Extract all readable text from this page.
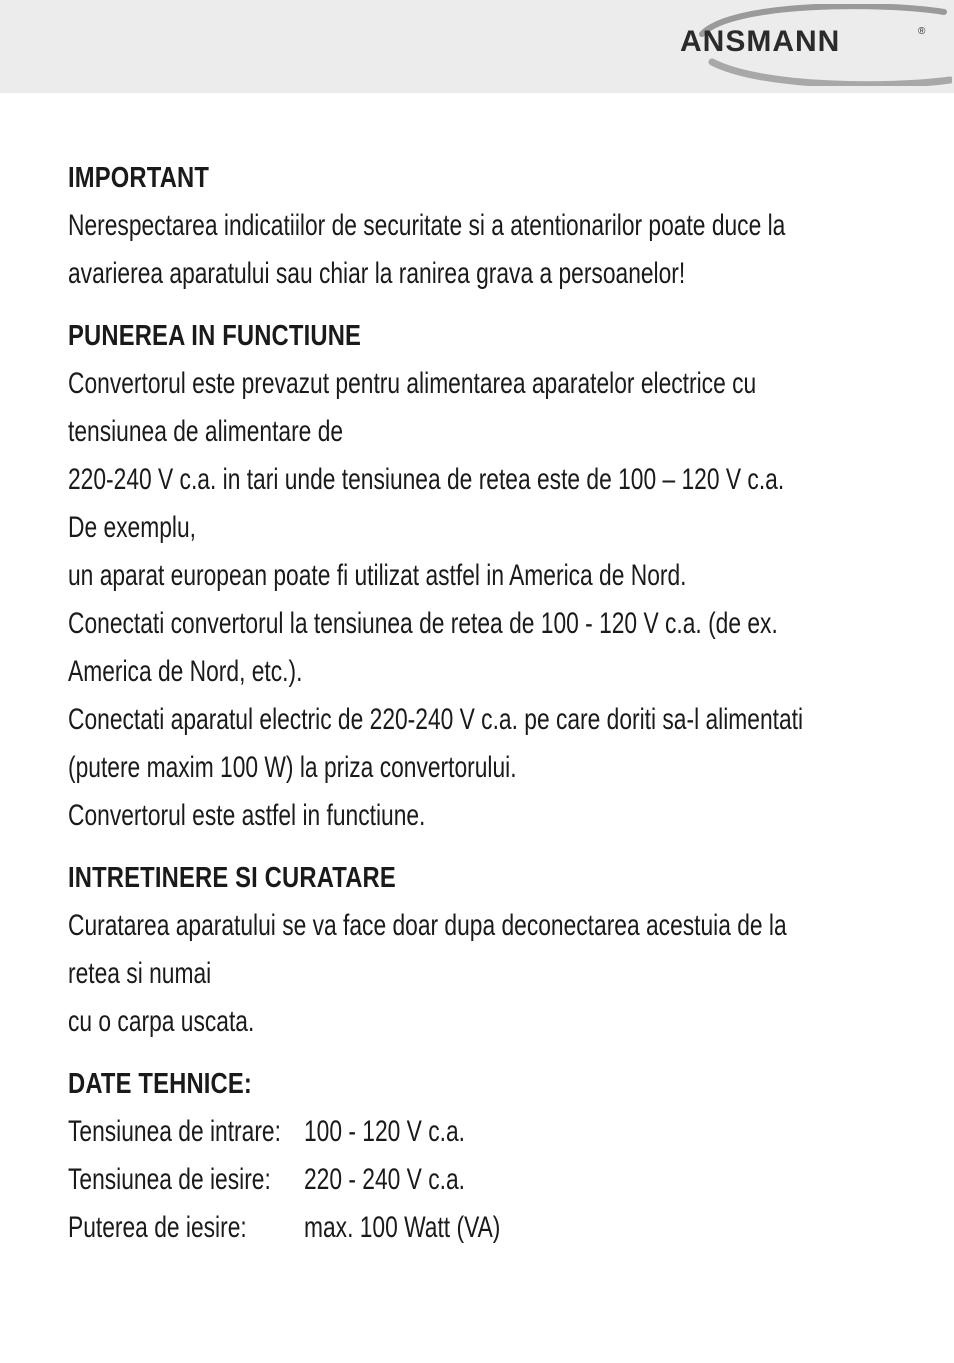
ANSMANN	®
IMPORTANT

Nerespectarea indicatiilor de securitate si a atentionarilor poate duce la

avarierea aparatului sau chiar la ranirea grava a persoanelor!

PUNEREA IN FUNCTIUNE

Convertorul este prevazut pentru alimentarea aparatelor electrice cu

tensiunea de alimentare de

220-240 V c.a. in tari unde tensiunea de retea este de 100 – 120 V c.a.

De exemplu,

un aparat european poate fi utilizat astfel in America de Nord.

Conectati convertorul la tensiunea de retea de 100 - 120 V c.a. (de ex.

America de Nord, etc.).

Conectati aparatul electric de 220-240 V c.a. pe care doriti sa-l alimentati

(putere maxim 100 W) la priza convertorului.

Convertorul este astfel in functiune.

INTRETINERE SI CURATARE

Curatarea aparatului se va face doar dupa deconectarea acestuia de la

retea si numai

cu o carpa uscata.

DATE TEHNICE:

Tensiunea de intrare: 100 - 120 V c.a.

Tensiunea de iesire: 220 - 240 V c.a.

Puterea de iesire: max. 100 Watt (VA)
